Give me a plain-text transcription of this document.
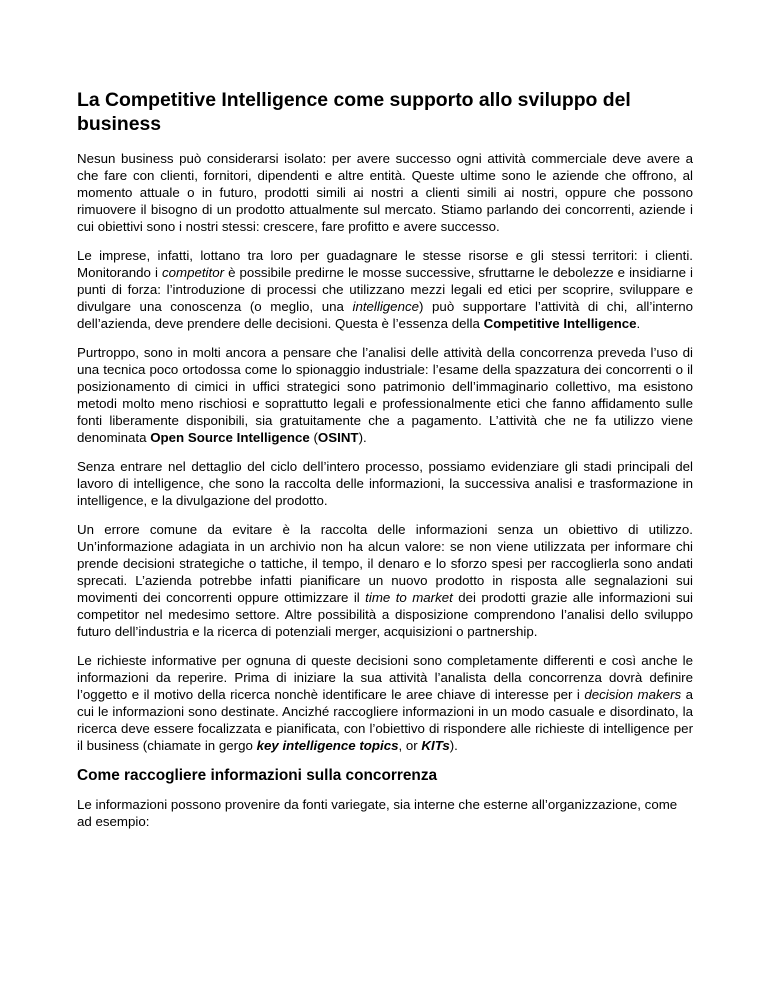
La Competitive Intelligence come supporto allo sviluppo del business

Nesun business può considerarsi isolato: per avere successo ogni attività commerciale deve avere a che fare con clienti, fornitori, dipendenti e altre entità. Queste ultime sono le aziende che offrono, al momento attuale o in futuro, prodotti simili ai nostri a clienti simili ai nostri, oppure che possono rimuovere il bisogno di un prodotto attualmente sul mercato. Stiamo parlando dei concorrenti, aziende i cui obiettivi sono i nostri stessi: crescere, fare profitto e avere successo.

Le imprese, infatti, lottano tra loro per guadagnare le stesse risorse e gli stessi territori: i clienti. Monitorando i competitor è possibile predirne le mosse successive, sfruttarne le debolezze e insidiarne i punti di forza: l’introduzione di processi che utilizzano mezzi legali ed etici per scoprire, sviluppare e divulgare una conoscenza (o meglio, una intelligence) può supportare l’attività di chi, all’interno dell’azienda, deve prendere delle decisioni. Questa è l’essenza della Competitive Intelligence.

Purtroppo, sono in molti ancora a pensare che l’analisi delle attività della concorrenza preveda l’uso di una tecnica poco ortodossa come lo spionaggio industriale: l’esame della spazzatura dei concorrenti o il posizionamento di cimici in uffici strategici sono patrimonio dell’immaginario collettivo, ma esistono metodi molto meno rischiosi e soprattutto legali e professionalmente etici che fanno affidamento sulle fonti liberamente disponibili, sia gratuitamente che a pagamento. L’attività che ne fa utilizzo viene denominata Open Source Intelligence (OSINT).

Senza entrare nel dettaglio del ciclo dell’intero processo, possiamo evidenziare gli stadi principali del lavoro di intelligence, che sono la raccolta delle informazioni, la successiva analisi e trasformazione in intelligence, e la divulgazione del prodotto.

Un errore comune da evitare è la raccolta delle informazioni senza un obiettivo di utilizzo. Un’informazione adagiata in un archivio non ha alcun valore: se non viene utilizzata per informare chi prende decisioni strategiche o tattiche, il tempo, il denaro e lo sforzo spesi per raccoglierla sono andati sprecati. L’azienda potrebbe infatti pianificare un nuovo prodotto in risposta alle segnalazioni sui movimenti dei concorrenti oppure ottimizzare il time to market dei prodotti grazie alle informazioni sui competitor nel medesimo settore. Altre possibilità a disposizione comprendono l’analisi dello sviluppo futuro dell’industria e la ricerca di potenziali merger, acquisizioni o partnership.

Le richieste informative per ognuna di queste decisioni sono completamente differenti e così anche le informazioni da reperire. Prima di iniziare la sua attività l’analista della concorrenza dovrà definire l’oggetto e il motivo della ricerca nonchè identificare le aree chiave di interesse per i decision makers a cui le informazioni sono destinate. Ancizhé raccogliere informazioni in un modo casuale e disordinato, la ricerca deve essere focalizzata e pianificata, con l’obiettivo di rispondere alle richieste di intelligence per il business (chiamate in gergo key intelligence topics, or KITs).

Come raccogliere informazioni sulla concorrenza

Le informazioni possono provenire da fonti variegate, sia interne che esterne all’organizzazione, come ad esempio:
